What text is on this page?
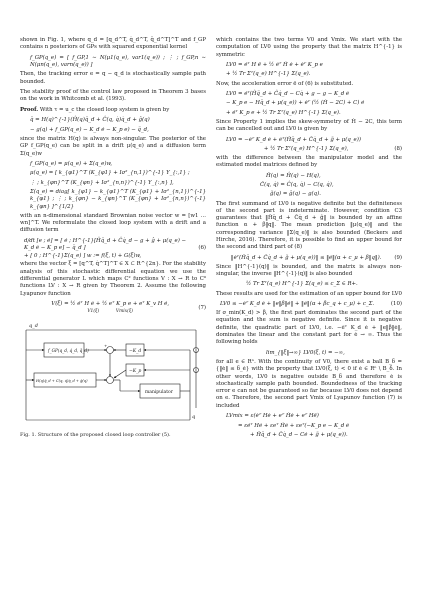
shown in Fig. 1, where q_d = [q_d^T, q̇_d^T, q̈_d^T]^T and f_GP contains n posteriors of GPs with squared exponential kernel

f_GP(q_e) = [ f_GP,1 ∼ N(μ1(q_e), var1(q_e)) ; ⋮ ; f_GP,n ∼ N(μn(q_e), varn(q_e)) ]

Then, the tracking error e = q − q_d is stochastically sample path bounded.

The stability proof of the control law proposed in Theorem 3 bases on the work in Whitcomb et al. (1993).

Proof. With τ = u_c the closed loop system is given by

q̈ = H(q)^{-1}(Ĥ(q)q̈_d + Ĉ(q, q̇)q̇_d + ĝ(q)
− g(q) + f_GP(q_e) − K_d ė − K_p e) − q̈_d,

since the matrix H(q) is always non-singular. The posterior of the GP f_GP(q_e) can be split in a drift μ(q_e) and a diffusion term Σ(q_e)w

f_GP(q_e) = μ(q_e) + Σ(q_e)w,
μ(q_e) = [ k_{φ1}^T (K_{φ1} + Iσ²_{n,1})^{-1} Y_{:,1} ;
⋮ ; k_{φn}^T (K_{φn} + Iσ²_{n,n})^{-1} Y_{:,n} ],
Σ(q_e) = diag[ k_{φ1} − k_{φ1}^T (K_{φ1} + Iσ²_{n,1})^{-1} k_{φ1} ; ⋮ ; k_{φn} − k_{φn}^T (K_{φn} + Iσ²_{n,n})^{-1} k_{φn} ]^{1/2}

with an n-dimensional standard Brownian noise vector w = [w1 … wn]^T. We reformulate the closed loop system with a drift and a diffusion term

d/dt [e ; ė] = [ ė ; H^{-1}[Ĥq̈_d + Ĉq̇_d − g + ĝ + μ(q_e) − K_d ė − K_p e] − q̈_d ]
+ [ 0 ; H^{-1}Σ(q_e) ] w := f(ξ, t) + G(ξ)w,
(6)

where the vector ξ = [q^T, q̇^T]^T ∈ X ⊂ R^{2n}. For the stability analysis of this stochastic differential equation we use the differential generator L which maps C² functions V : X → R to C⁰ functions LV : X → R given by Theorem 2. Assume the following Lyapunov function

V(ξ) = ½ ėᵀ H ė + ½ eᵀ K_p e + eᵀ K_v H ė,
V1(ξ)	Vmix(ξ)
(7)
q_d
f_GP(q_d, q̇_d, q̈_d)
H(q)q̈_d + C(q, q̇)q̇_d + ĝ(q)
−K_d
−K_p
manipulator
q
+
Fig. 1. Structure of the proposed closed loop controller (5).

which contains the two terms V0 and Vmix. We start with the computation of LV0 using the property that the matrix H^{-1} is symmetric

LV0 = ėᵀ H ë + ½ ėᵀ Ḣ ė + ėᵀ K_p e
+ ½ Tr Σᵀ(q_e) H^{-1} Σ(q_e).

Now, the acceleration error ë of (6) is substituted.

LV0 = ėᵀ(Ĥq̈_d + Ĉq̇_d − Cq̇ + g − g − K_d ė
− K_p e − Hq̈_d + μ(q_e)) + ėᵀ (½ (Ḣ − 2C) + C) ė
+ ėᵀ K_p e + ½ Tr Σᵀ(q_e) H^{-1} Σ(q_e).

Since Property 1 implies the skew-symmetry of Ḣ − 2C, this term can be cancelled out and LV0 is given by

LV0 = −ėᵀ K_d ė + ėᵀ(H̃q̈_d + C̃q̇_d + g̃ + μ(q_e))
+ ½ Tr Σᵀ(q_e) H^{-1} Σ(q_e),	(8)

with the difference between the manipulator model and the estimated model matrices defined by

H̃(q) = Ĥ(q) − H(q),
C̃(q, q̇) = Ĉ(q, q̇) − C(q, q̇),
g̃(q) = ĝ(q) − g(q).

The first summand of LV0 is negative definite but the definiteness of the second part is indeterminate. However, condition C3 guarantees that ‖H̃q̈_d + C̃q̇_d + g̃‖ is bounded by an affine function α + β‖q‖. The mean prediction ‖μ(q_e)‖ and the corresponding variance ‖Σ(q_e)‖ is also bounded (Beckers and Hirche, 2016). Therefore, it is possible to find an upper bound for the second and third part of (8)

‖ėᵀ(H̃q̈_d + C̃q̇_d + g̃ + μ(q_e))‖ ≤ ‖ė‖(α + c_μ + β‖q‖).	(9)

Since ‖H^{-1}(q)‖ is bounded, and the matrix is always non-singular, the inverse ‖H^{-1}(q)‖ is also bounded

½ Tr Σᵀ(q_e) H^{-1} Σ(q_e) ≤ c_Σ ∈ R+.

These results are used for the estimation of an upper bound for LV0

LV0 ≤ −ėᵀ K_d ė + ‖e‖β‖ė‖ + ‖ė‖(α + βc_q + c_μ) + c_Σ.	(10)

If σ_min(K_d) > β, the first part dominates the second part of the equation and the sum is negative definite. Since it is negative definite, the quadratic part of LV0, i.e. −ėᵀ K_d ė + ‖e‖β‖ė‖, dominates the linear and the constant part for ė → ∞. Thus the following holds

lim_{‖ξ‖→∞} LV0(ξ, t) = −∞,

for all e ∈ Rⁿ. With the continuity of V0, there exist a ball B_δ = {‖ė‖ ≤ δ_ė} with the property that LV0(ξ, t) < 0 if ė ∈ Rⁿ \ B_δ. In other words, LV0 is negative outside B_δ and therefore ė is stochastically sample path bounded. Boundedness of the tracking error e can not be guaranteed so far because LV0 does not depend on e. Therefore, the second part Vmix of Lyapunov function (7) is included

LVmix = ε(ėᵀ Hė + eᵀ Ḣė + eᵀ Hë)
= εėᵀ Hė + εeᵀ Ḣė + εeᵀ(−K_p e − K_d ė
+ H̃q̈_d + C̃q̇_d − Cė + g̃ + μ(q_e)).
